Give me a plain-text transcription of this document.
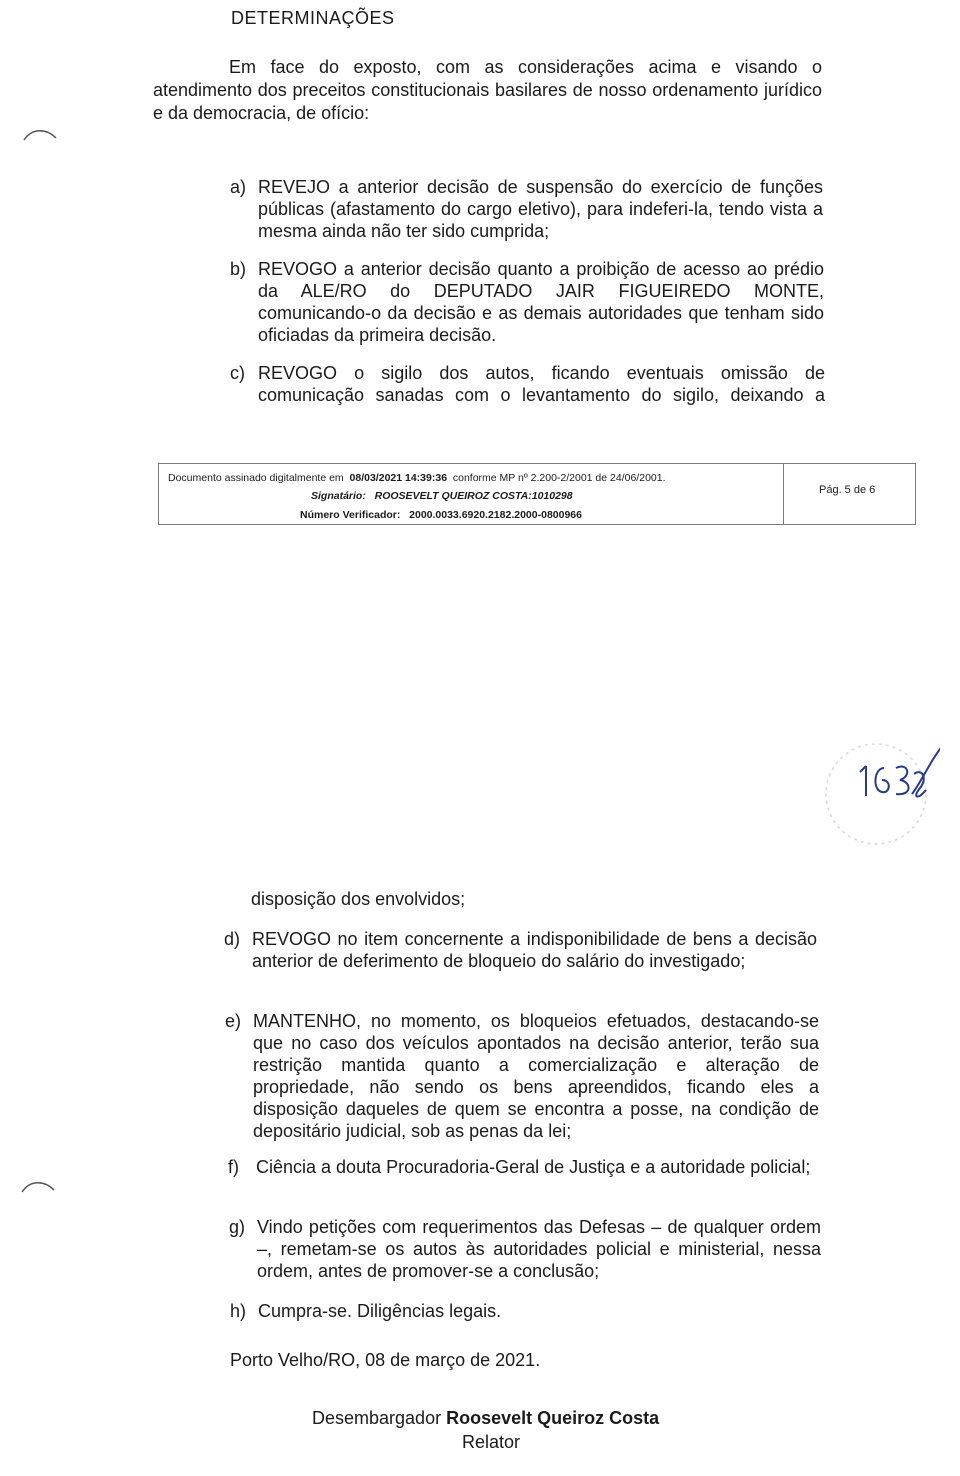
DETERMINAÇÕES
Em face do exposto, com as considerações acima e visando o atendimento dos preceitos constitucionais basilares de nosso ordenamento jurídico e da democracia, de ofício:
a) REVEJO a anterior decisão de suspensão do exercício de funções públicas (afastamento do cargo eletivo), para indeferi-la, tendo vista a mesma ainda não ter sido cumprida;
b) REVOGO a anterior decisão quanto a proibição de acesso ao prédio da ALE/RO do DEPUTADO JAIR FIGUEIREDO MONTE, comunicando-o da decisão e as demais autoridades que tenham sido oficiadas da primeira decisão.
c) REVOGO o sigilo dos autos, ficando eventuais omissão de comunicação sanadas com o levantamento do sigilo, deixando a
Documento assinado digitalmente em 08/03/2021 14:39:36 conforme MP nº 2.200-2/2001 de 24/06/2001.
Signatário: ROOSEVELT QUEIROZ COSTA:1010298
Número Verificador: 2000.0033.6920.2182.2000-0800966
Pág. 5 de 6
disposição dos envolvidos;
d) REVOGO no item concernente a indisponibilidade de bens a decisão anterior de deferimento de bloqueio do salário do investigado;
e) MANTENHO, no momento, os bloqueios efetuados, destacando-se que no caso dos veículos apontados na decisão anterior, terão sua restrição mantida quanto a comercialização e alteração de propriedade, não sendo os bens apreendidos, ficando eles a disposição daqueles de quem se encontra a posse, na condição de depositário judicial, sob as penas da lei;
f) Ciência a douta Procuradoria-Geral de Justiça e a autoridade policial;
g) Vindo petições com requerimentos das Defesas – de qualquer ordem –, remetam-se os autos às autoridades policial e ministerial, nessa ordem, antes de promover-se a conclusão;
h) Cumpra-se. Diligências legais.
Porto Velho/RO, 08 de março de 2021.
Desembargador Roosevelt Queiroz Costa
Relator
